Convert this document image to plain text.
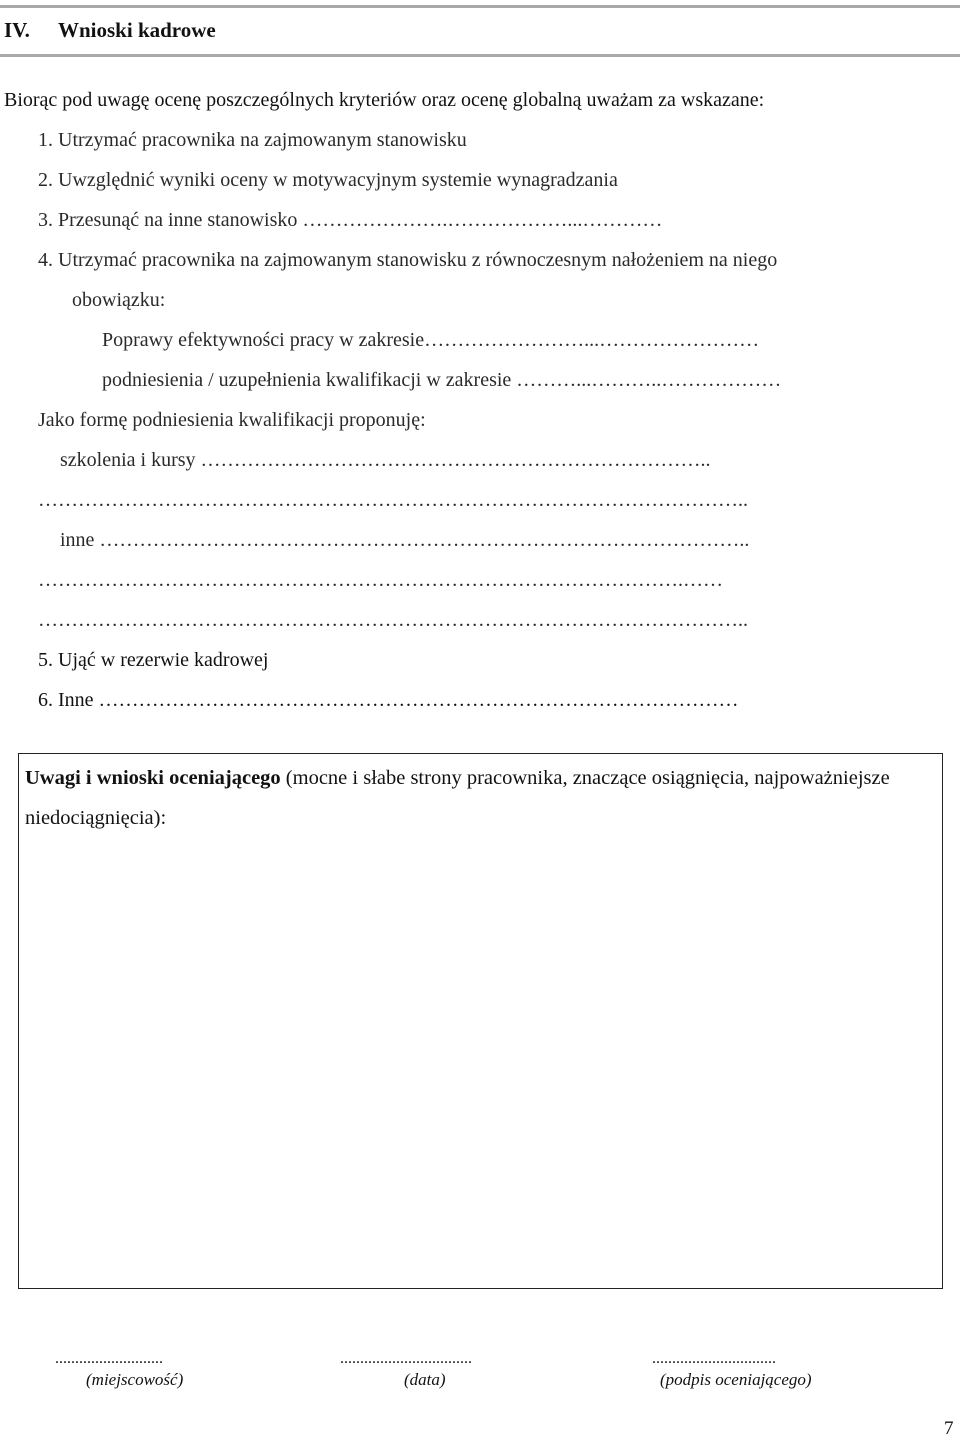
IV. Wnioski kadrowe
Biorąc pod uwagę ocenę poszczególnych kryteriów oraz ocenę globalną uważam za wskazane:
1. Utrzymać pracownika na zajmowanym stanowisku
2. Uwzględnić wyniki oceny w motywacyjnym systemie wynagradzania
3. Przesunąć na inne stanowisko ………………….………………...…………
4. Utrzymać pracownika na zajmowanym stanowisku z równoczesnym nałożeniem na niego
obowiązku:
Poprawy efektywności pracy w zakresie……………………...……………………
podniesienia / uzupełnienia kwalifikacji w zakresie ………...………..………………
Jako formę podniesienia kwalifikacji proponuję:
szkolenia i kursy …………………………………………………………………..
……………………………………………………………………………………………..
inne ……………………………………………………………………………………..
…………………………………………………………………………………….……
……………………………………………………………………………………………..
5. Ująć w rezerwie kadrowej
6. Inne ……………………………………………………………………………………
Uwagi i wnioski oceniającego (mocne i słabe strony pracownika, znaczące osiągnięcia, najpoważniejsze niedociągnięcia):
...........................
(miejscowość)
.................................
(data)
...............................
(podpis oceniającego)
7
